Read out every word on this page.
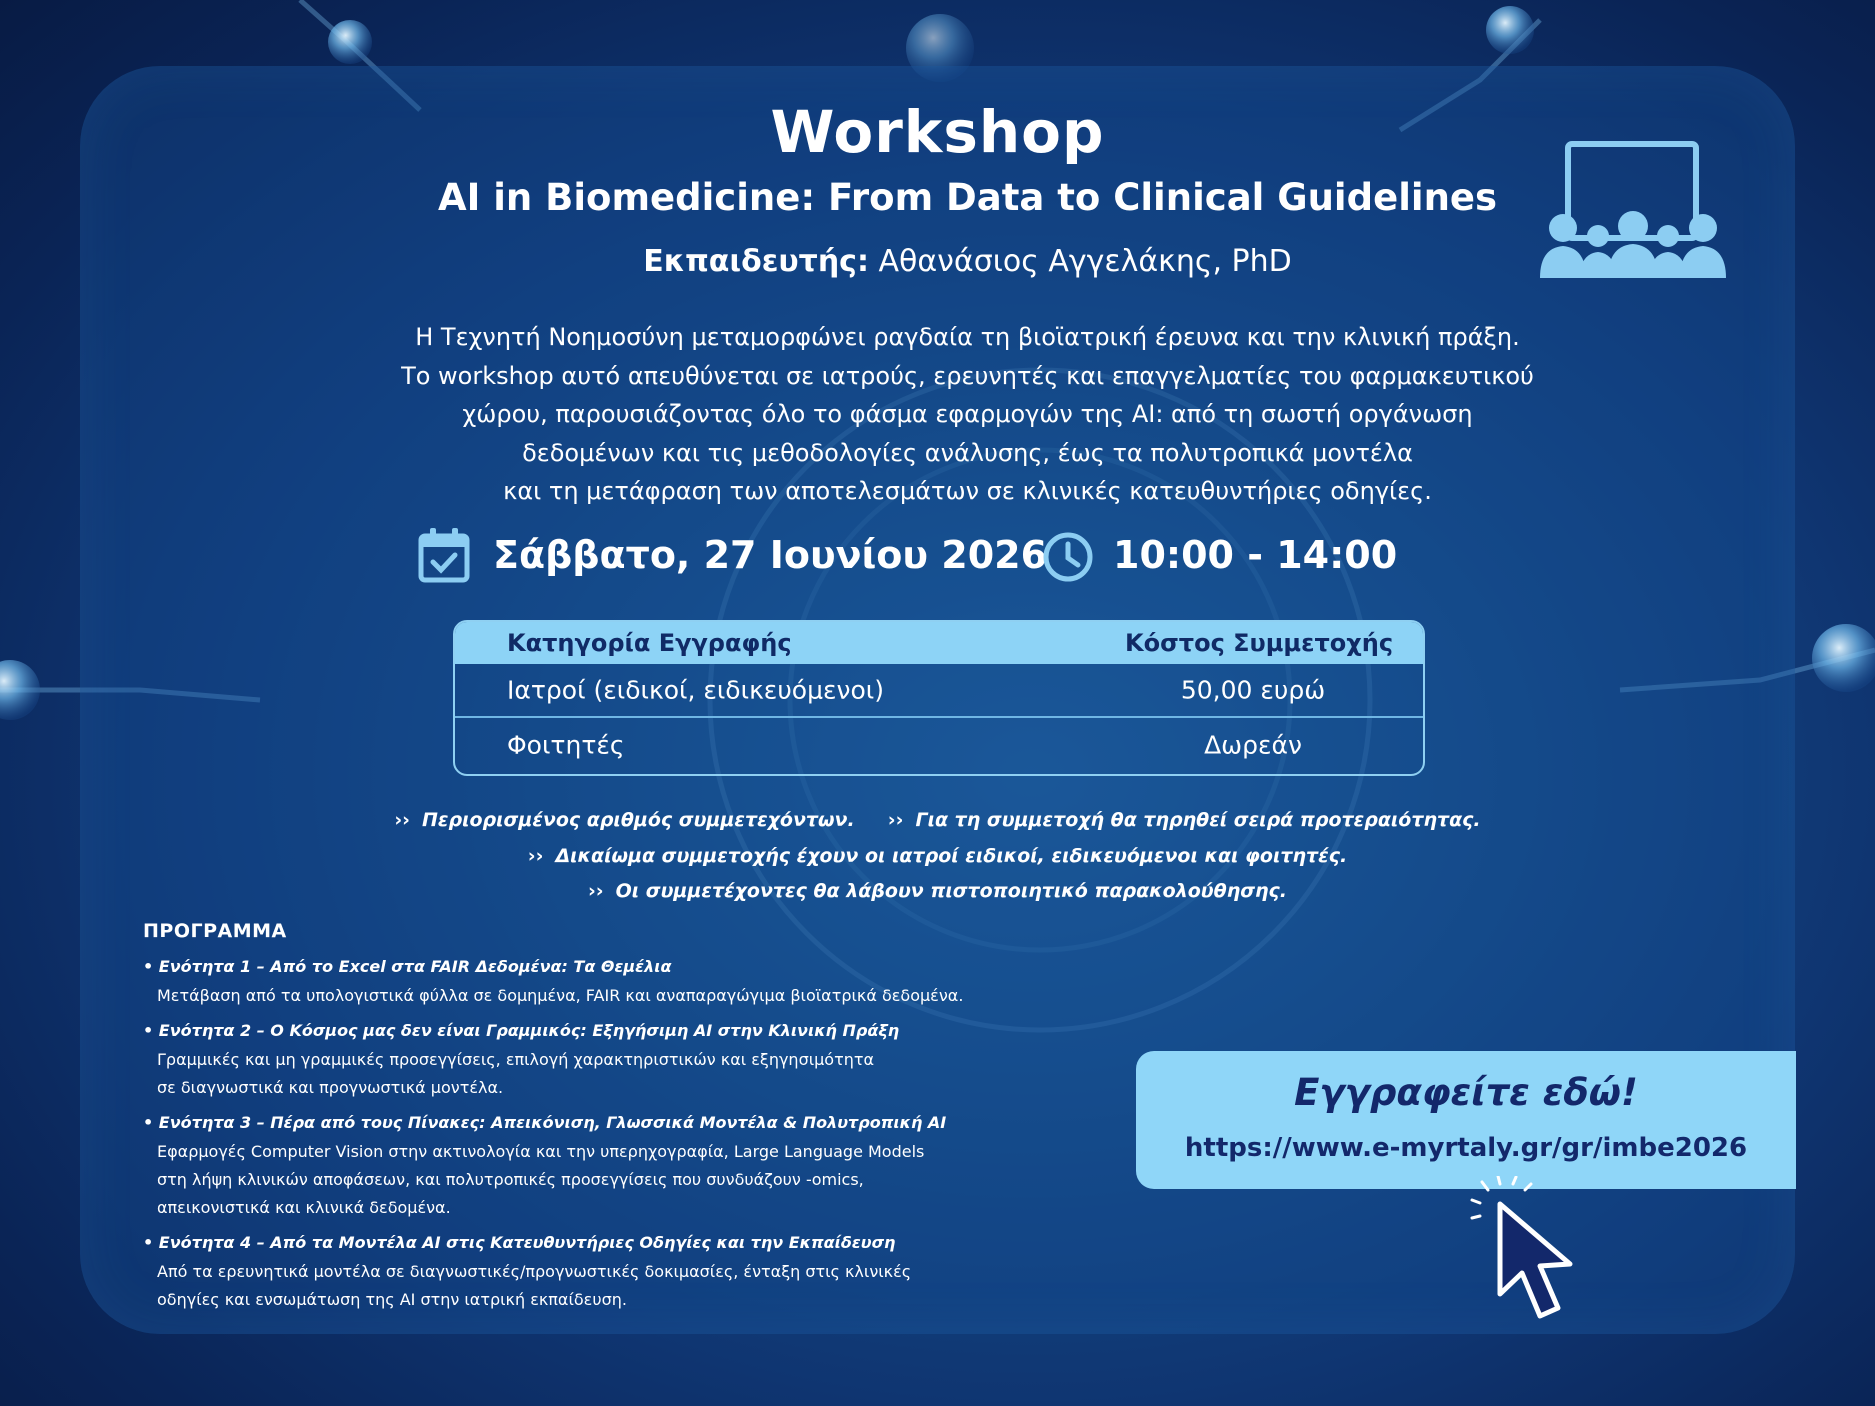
Workshop
AI in Biomedicine: From Data to Clinical Guidelines
Εκπαιδευτής: Αθανάσιος Αγγελάκης, PhD
Η Τεχνητή Νοημοσύνη μεταμορφώνει ραγδαία τη βιοϊατρική έρευνα και την κλινική πράξη.
Το workshop αυτό απευθύνεται σε ιατρούς, ερευνητές και επαγγελματίες του φαρμακευτικού
χώρου, παρουσιάζοντας όλο το φάσμα εφαρμογών της AI: από τη σωστή οργάνωση
δεδομένων και τις μεθοδολογίες ανάλυσης, έως τα πολυτροπικά μοντέλα
και τη μετάφραση των αποτελεσμάτων σε κλινικές κατευθυντήριες οδηγίες.
Σάββατο, 27 Ιουνίου 2026 10:00 - 14:00
Κατηγορία Εγγραφής	Κόστος Συμμετοχής
Ιατροί (ειδικοί, ειδικευόμενοι)	50,00 ευρώ
Φοιτητές	Δωρεάν
›› Περιορισμένος αριθμός συμμετεχόντων. ›› Για τη συμμετοχή θα τηρηθεί σειρά προτεραιότητας.
›› Δικαίωμα συμμετοχής έχουν οι ιατροί ειδικοί, ειδικευόμενοι και φοιτητές.
›› Οι συμμετέχοντες θα λάβουν πιστοποιητικό παρακολούθησης.
ΠΡΟΓΡΑΜΜΑ
• Ενότητα 1 – Από το Excel στα FAIR Δεδομένα: Τα Θεμέλια
Μετάβαση από τα υπολογιστικά φύλλα σε δομημένα, FAIR και αναπαραγώγιμα βιοϊατρικά δεδομένα.
• Ενότητα 2 – Ο Κόσμος μας δεν είναι Γραμμικός: Εξηγήσιμη AI στην Κλινική Πράξη
Γραμμικές και μη γραμμικές προσεγγίσεις, επιλογή χαρακτηριστικών και εξηγησιμότητα
σε διαγνωστικά και προγνωστικά μοντέλα.
• Ενότητα 3 – Πέρα από τους Πίνακες: Απεικόνιση, Γλωσσικά Μοντέλα & Πολυτροπική AI
Εφαρμογές Computer Vision στην ακτινολογία και την υπερηχογραφία, Large Language Models
στη λήψη κλινικών αποφάσεων, και πολυτροπικές προσεγγίσεις που συνδυάζουν -omics,
απεικονιστικά και κλινικά δεδομένα.
• Ενότητα 4 – Από τα Μοντέλα AI στις Κατευθυντήριες Οδηγίες και την Εκπαίδευση
Από τα ερευνητικά μοντέλα σε διαγνωστικές/προγνωστικές δοκιμασίες, ένταξη στις κλινικές
οδηγίες και ενσωμάτωση της AI στην ιατρική εκπαίδευση.
Εγγραφείτε εδώ!
https://www.e-myrtaly.gr/gr/imbe2026
